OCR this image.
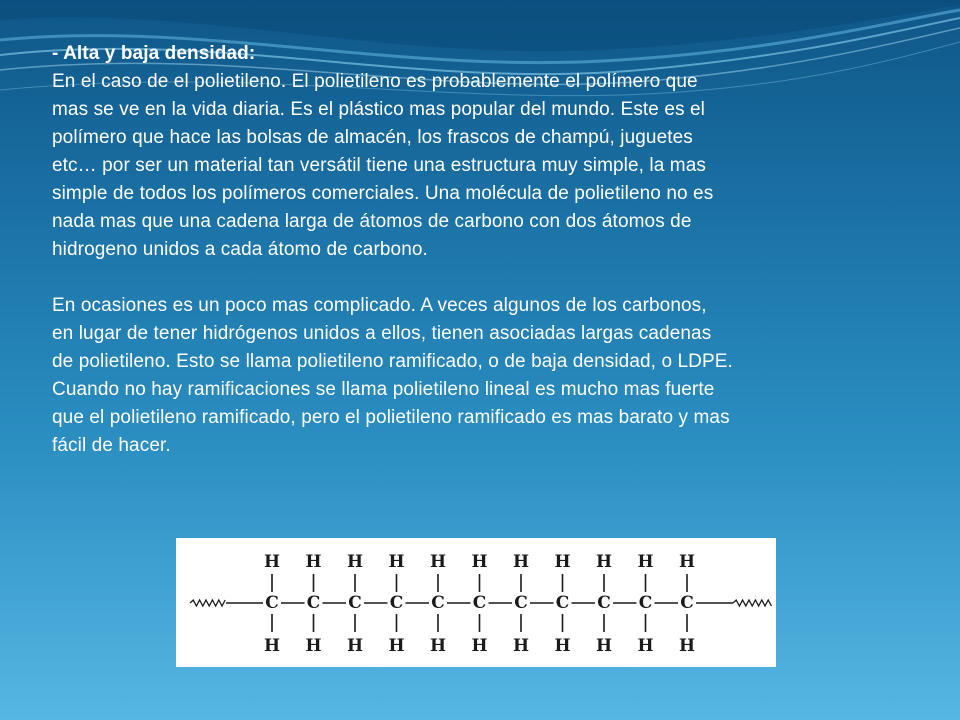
- Alta y baja densidad:
En el caso de el polietileno. El polietileno es probablemente el polímero que
mas se ve en la vida diaria. Es el plástico mas popular del mundo. Este es el
polímero que hace las bolsas de almacén, los frascos de champú, juguetes
etc… por ser un material tan versátil tiene una estructura muy simple, la mas
simple de todos los polímeros comerciales. Una molécula de polietileno no es
nada mas que una cadena larga de átomos de carbono con dos átomos de
hidrogeno unidos a cada átomo de carbono.
En ocasiones es un poco mas complicado. A veces algunos de los carbonos,
en lugar de tener hidrógenos unidos a ellos, tienen asociadas largas cadenas
de polietileno. Esto se llama polietileno ramificado, o de baja densidad, o LDPE.
Cuando no hay ramificaciones se llama polietileno lineal es mucho mas fuerte
que el polietileno ramificado, pero el polietileno ramificado es mas barato y mas
fácil de hacer.
H
C
H
H
C
H
H
C
H
H
C
H
H
C
H
H
C
H
H
C
H
H
C
H
H
C
H
H
C
H
H
C
H
